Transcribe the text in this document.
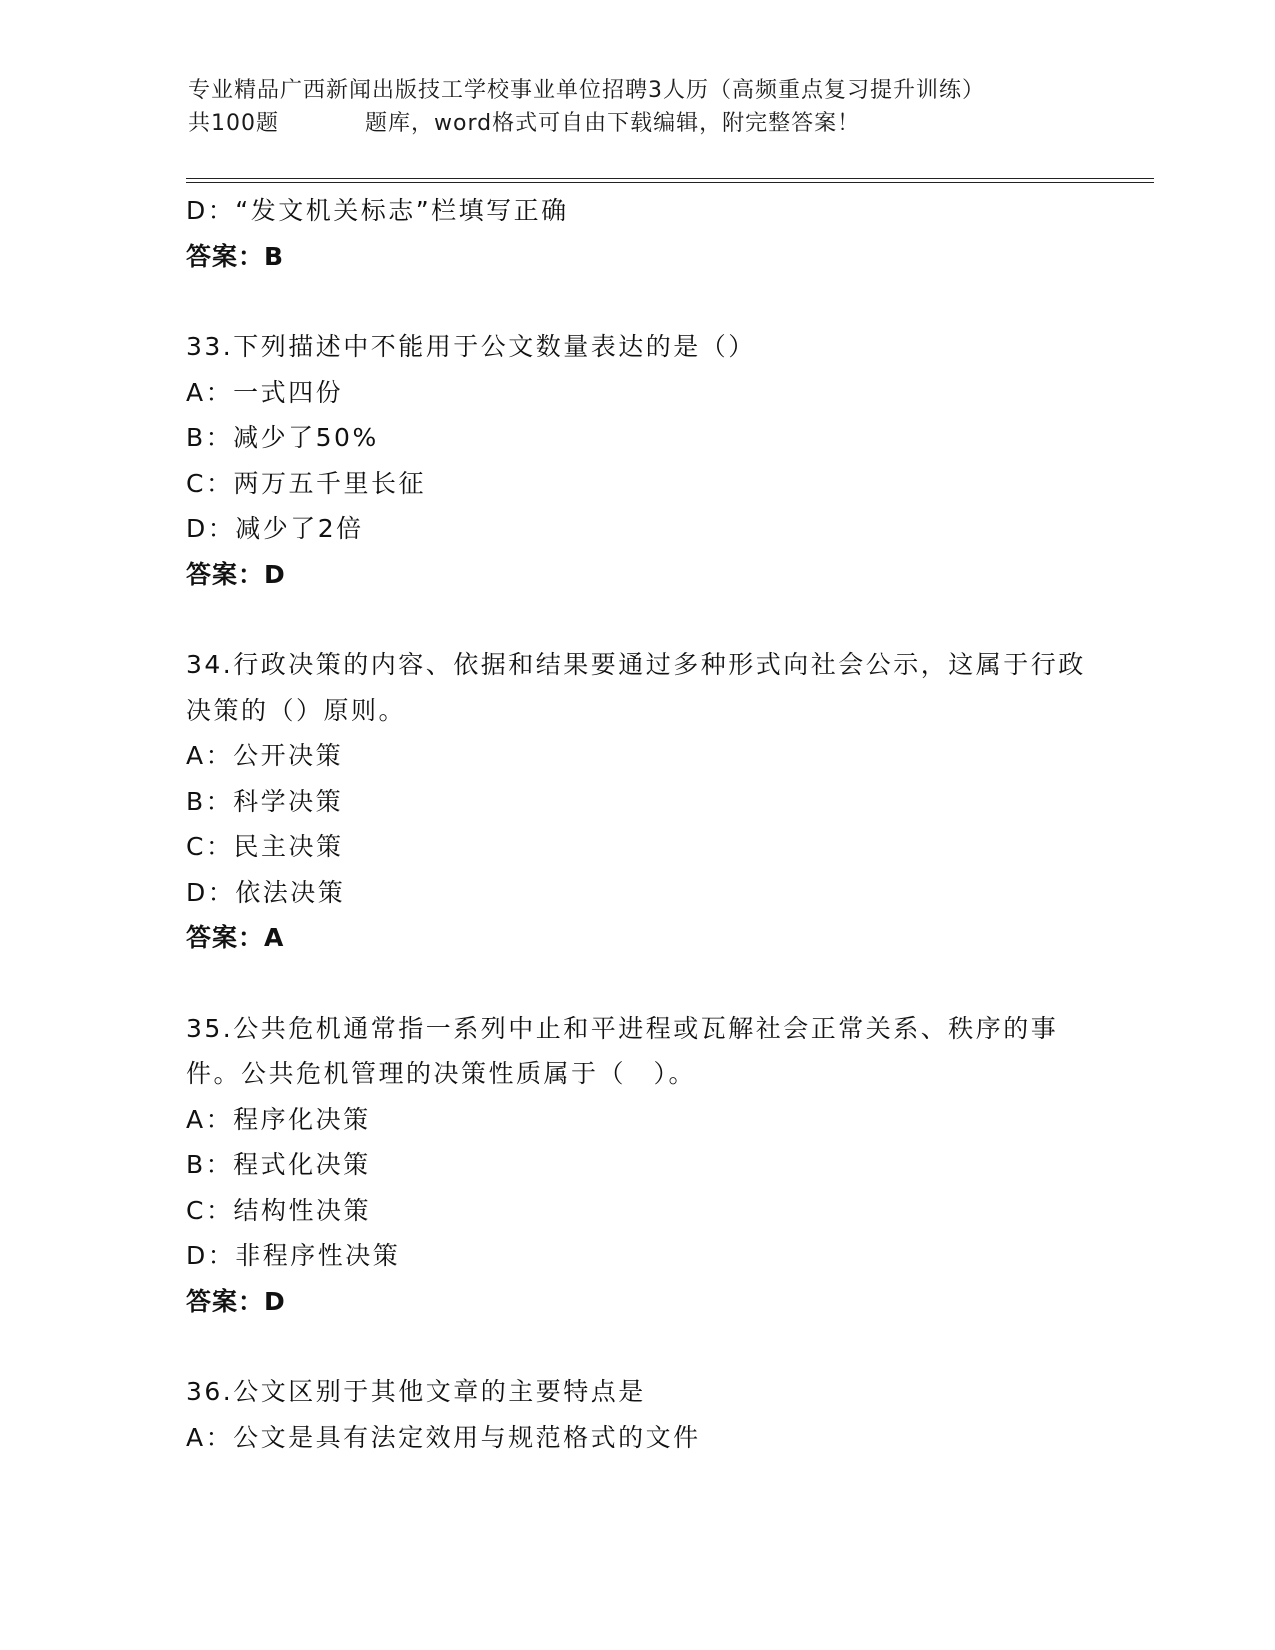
专业精品广西新闻出版技工学校事业单位招聘3人历（高频重点复习提升训练）
共100题	题库，word格式可自由下载编辑，附完整答案！
D：“发文机关标志”栏填写正确
答案：B
33.下列描述中不能用于公文数量表达的是（）
A：一式四份
B：减少了50%
C：两万五千里长征
D：减少了2倍
答案：D
34.行政决策的内容、依据和结果要通过多种形式向社会公示，这属于行政决策的（）原则。
A：公开决策
B：科学决策
C：民主决策
D：依法决策
答案：A
35.公共危机通常指一系列中止和平进程或瓦解社会正常关系、秩序的事件。公共危机管理的决策性质属于（　）。
A：程序化决策
B：程式化决策
C：结构性决策
D：非程序性决策
答案：D
36.公文区别于其他文章的主要特点是
A：公文是具有法定效用与规范格式的文件
